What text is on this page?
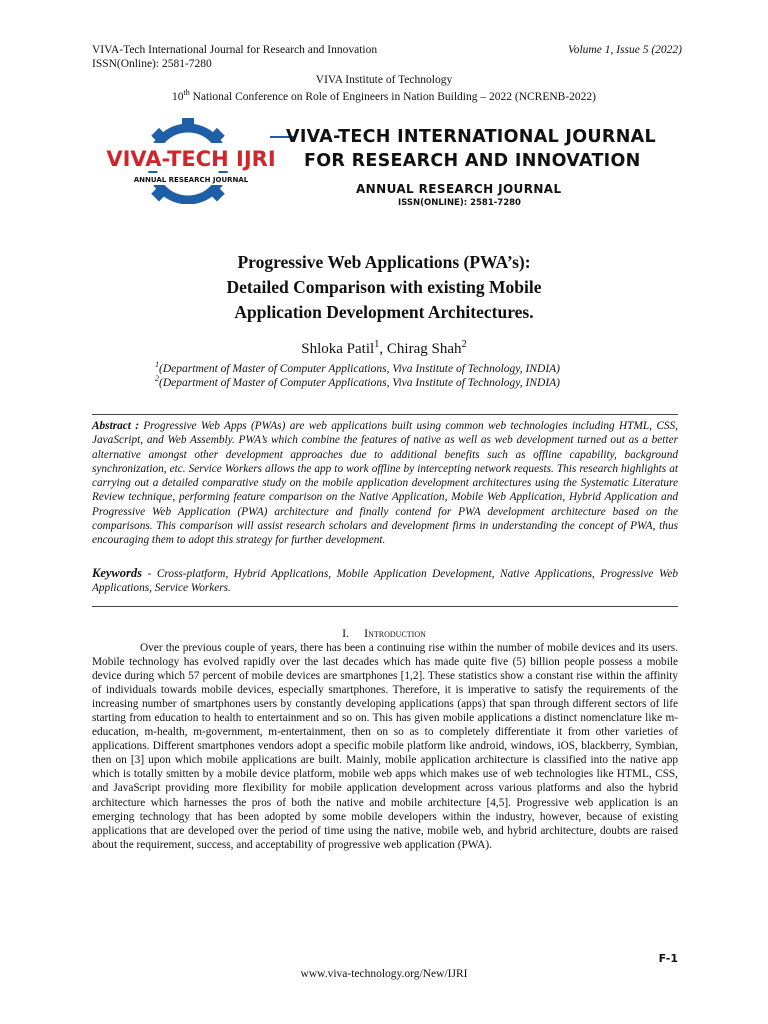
VIVA-Tech International Journal for Research and Innovation	Volume 1, Issue 5 (2022)
ISSN(Online): 2581-7280
VIVA Institute of Technology
10th National Conference on Role of Engineers in Nation Building – 2022 (NCRENB-2022)
VIVA-TECH IJRI
ANNUAL RESEARCH JOURNAL
VIVA-TECH INTERNATIONAL JOURNAL
FOR RESEARCH AND INNOVATION
ANNUAL RESEARCH JOURNAL
ISSN(ONLINE): 2581-7280
Progressive Web Applications (PWA’s):
Detailed Comparison with existing Mobile
Application Development Architectures.
Shloka Patil$^1$, Chirag Shah$^2$
$^1$(Department of Master of Computer Applications, Viva Institute of Technology, INDIA)
$^2$(Department of Master of Computer Applications, Viva Institute of Technology, INDIA)
Abstract : Progressive Web Apps (PWAs) are web applications built using common web technologies including HTML, CSS, JavaScript, and Web Assembly. PWA’s which combine the features of native as well as web development turned out as a better alternative amongst other development approaches due to additional benefits such as offline capability, background synchronization, etc. Service Workers allows the app to work offline by intercepting network requests. This research highlights at carrying out a detailed comparative study on the mobile application development architectures using the Systematic Literature Review technique, performing feature comparison on the Native Application, Mobile Web Application, Hybrid Application and Progressive Web Application (PWA) architecture and finally contend for PWA development architecture based on the comparisons. This comparison will assist research scholars and development firms in understanding the concept of PWA, thus encouraging them to adopt this strategy for further development.
Keywords - Cross-platform, Hybrid Applications, Mobile Application Development, Native Applications, Progressive Web Applications, Service Workers.
I. Introduction
Over the previous couple of years, there has been a continuing rise within the number of mobile devices and its users. Mobile technology has evolved rapidly over the last decades which has made quite five (5) billion people possess a mobile device during which 57 percent of mobile devices are smartphones [1,2]. These statistics show a constant rise within the affinity of individuals towards mobile devices, especially smartphones. Therefore, it is imperative to satisfy the requirements of the increasing number of smartphones users by constantly developing applications (apps) that span through different sectors of life starting from education to health to entertainment and so on. This has given mobile applications a distinct nomenclature like m-education, m-health, m-government, m-entertainment, then on so as to completely differentiate it from other varieties of applications. Different smartphones vendors adopt a specific mobile platform like android, windows, iOS, blackberry, Symbian, then on [3] upon which mobile applications are built. Mainly, mobile application architecture is classified into the native app which is totally smitten by a mobile device platform, mobile web apps which makes use of web technologies like HTML, CSS, and JavaScript providing more flexibility for mobile application development across various platforms and also the hybrid architecture which harnesses the pros of both the native and mobile architecture [4,5]. Progressive web application is an emerging technology that has been adopted by some mobile developers within the industry, however, because of existing applications that are developed over the period of time using the native, mobile web, and hybrid architecture, doubts are raised about the requirement, success, and acceptability of progressive web application (PWA).
F-1
www.viva-technology.org/New/IJRI
